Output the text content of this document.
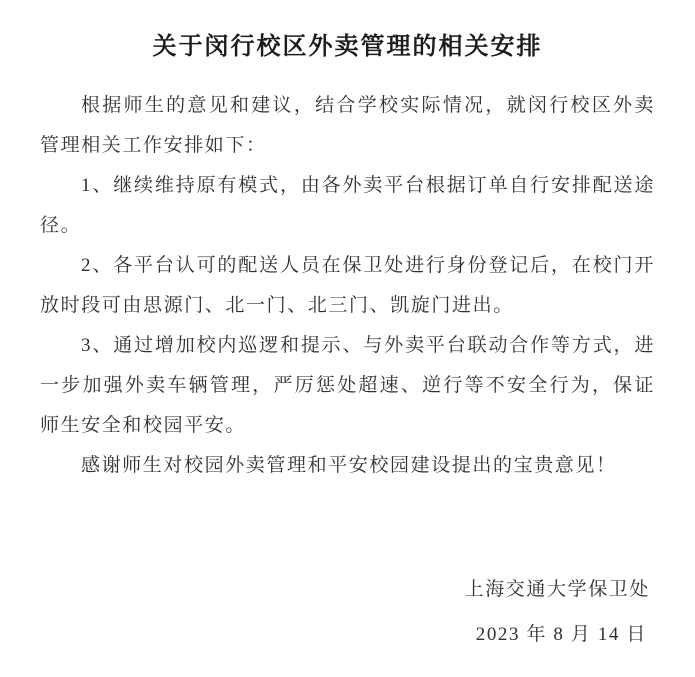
关于闵行校区外卖管理的相关安排

根据师生的意见和建议，结合学校实际情况，就闵行校区外卖管理相关工作安排如下：

1、继续维持原有模式，由各外卖平台根据订单自行安排配送途径。

2、各平台认可的配送人员在保卫处进行身份登记后，在校门开放时段可由思源门、北一门、北三门、凯旋门进出。

3、通过增加校内巡逻和提示、与外卖平台联动合作等方式，进一步加强外卖车辆管理，严厉惩处超速、逆行等不安全行为，保证师生安全和校园平安。

感谢师生对校园外卖管理和平安校园建设提出的宝贵意见！

上海交通大学保卫处
2023 年 8 月 14 日
